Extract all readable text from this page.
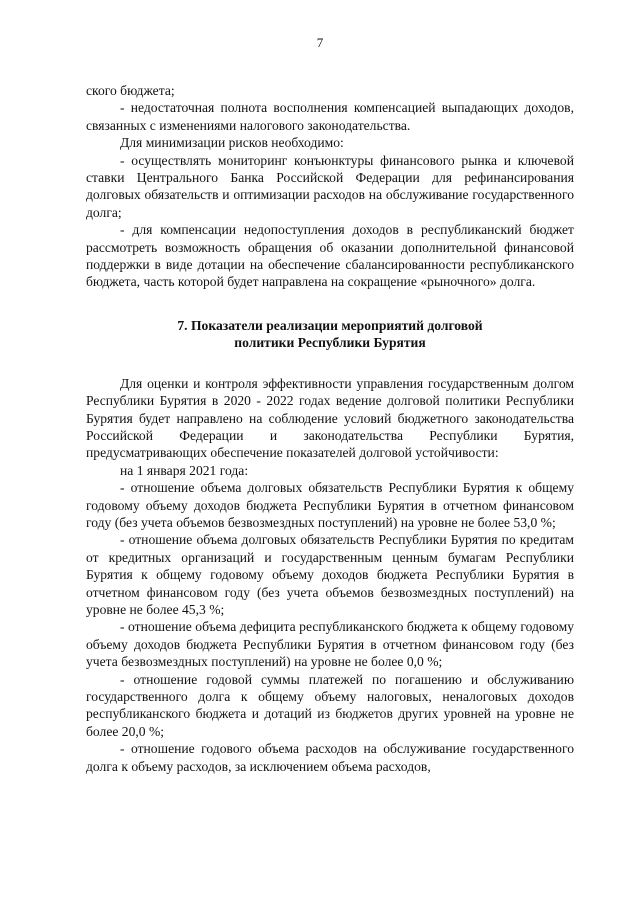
7

ского бюджета;

- недостаточная полнота восполнения компенсацией выпадающих доходов, связанных с изменениями налогового законодательства.

Для минимизации рисков необходимо:

- осуществлять мониторинг конъюнктуры финансового рынка и ключевой ставки Центрального Банка Российской Федерации для рефинансирования долговых обязательств и оптимизации расходов на обслуживание государственного долга;

- для компенсации недопоступления доходов в республиканский бюджет рассмотреть возможность обращения об оказании дополнительной финансовой поддержки в виде дотации на обеспечение сбалансированности республиканского бюджета, часть которой будет направлена на сокращение «рыночного» долга.

7. Показатели реализации мероприятий долговой
политики Республики Бурятия

Для оценки и контроля эффективности управления государственным долгом Республики Бурятия в 2020 - 2022 годах ведение долговой политики Республики Бурятия будет направлено на соблюдение условий бюджетного законодательства Российской Федерации и законодательства Республики Бурятия, предусматривающих обеспечение показателей долговой устойчивости:

на 1 января 2021 года:

- отношение объема долговых обязательств Республики Бурятия к общему годовому объему доходов бюджета Республики Бурятия в отчетном финансовом году (без учета объемов безвозмездных поступлений) на уровне не более 53,0 %;

- отношение объема долговых обязательств Республики Бурятия по кредитам от кредитных организаций и государственным ценным бумагам Республики Бурятия к общему годовому объему доходов бюджета Республики Бурятия в отчетном финансовом году (без учета объемов безвозмездных поступлений) на уровне не более 45,3 %;

- отношение объема дефицита республиканского бюджета к общему годовому объему доходов бюджета Республики Бурятия в отчетном финансовом году (без учета безвозмездных поступлений) на уровне не более 0,0 %;

- отношение годовой суммы платежей по погашению и обслуживанию государственного долга к общему объему налоговых, неналоговых доходов республиканского бюджета и дотаций из бюджетов других уровней на уровне не более 20,0 %;

- отношение годового объема расходов на обслуживание государственного долга к объему расходов, за исключением объема расходов,
